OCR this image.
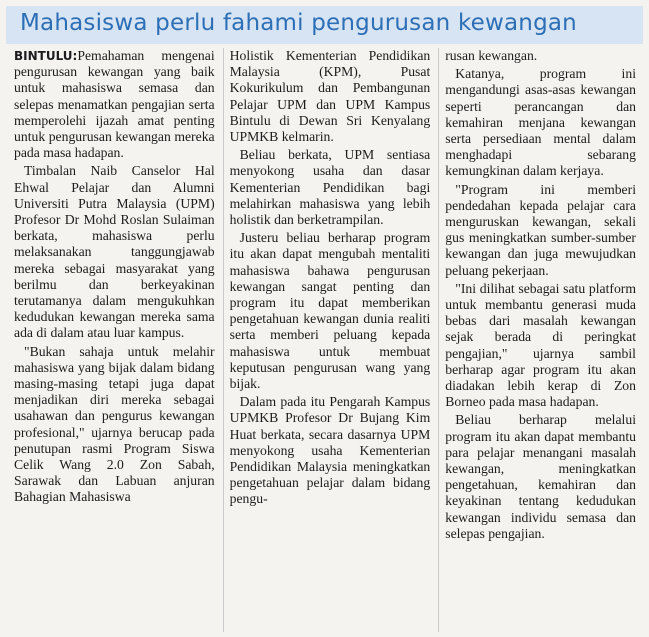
Mahasiswa perlu fahami pengurusan kewangan

BINTULU:Pemahaman mengenai pengurusan kewangan yang baik untuk mahasiswa semasa dan selepas menamatkan pengajian serta memperolehi ijazah amat penting untuk pengurusan kewangan mereka pada masa hadapan.

Timbalan Naib Canselor Hal Ehwal Pelajar dan Alumni Universiti Putra Malaysia (UPM) Profesor Dr Mohd Roslan Sulaiman berkata, mahasiswa perlu melaksanakan tanggungjawab mereka sebagai masyarakat yang berilmu dan berkeyakinan terutamanya dalam mengukuhkan kedudukan kewangan mereka sama ada di dalam atau luar kampus.

"Bukan sahaja untuk melahir mahasiswa yang bijak dalam bidang masing-masing tetapi juga dapat menjadikan diri mereka sebagai usahawan dan pengurus kewangan profesional," ujarnya berucap pada penutupan rasmi Program Siswa Celik Wang 2.0 Zon Sabah, Sarawak dan Labuan anjuran Bahagian Mahasiswa

Holistik Kementerian Pendidikan Malaysia (KPM), Pusat Kokurikulum dan Pembangunan Pelajar UPM dan UPM Kampus Bintulu di Dewan Sri Kenyalang UPMKB kelmarin.

Beliau berkata, UPM sentiasa menyokong usaha dan dasar Kementerian Pendidikan bagi melahirkan mahasiswa yang lebih holistik dan berketrampilan.

Justeru beliau berharap program itu akan dapat mengubah mentaliti mahasiswa bahawa pengurusan kewangan sangat penting dan program itu dapat memberikan pengetahuan kewangan dunia realiti serta memberi peluang kepada mahasiswa untuk membuat keputusan pengurusan wang yang bijak.

Dalam pada itu Pengarah Kampus UPMKB Profesor Dr Bujang Kim Huat berkata, secara dasarnya UPM menyokong usaha Kementerian Pendidikan Malaysia meningkatkan pengetahuan pelajar dalam bidang pengu-

rusan kewangan.

Katanya, program ini mengandungi asas-asas kewangan seperti perancangan dan kemahiran menjana kewangan serta persediaan mental dalam menghadapi sebarang kemungkinan dalam kerjaya.

"Program ini memberi pendedahan kepada pelajar cara menguruskan kewangan, sekali gus meningkatkan sumber-sumber kewangan dan juga mewujudkan peluang pekerjaan.

"Ini dilihat sebagai satu platform untuk membantu generasi muda bebas dari masalah kewangan sejak berada di peringkat pengajian," ujarnya sambil berharap agar program itu akan diadakan lebih kerap di Zon Borneo pada masa hadapan.

Beliau berharap melalui program itu akan dapat membantu para pelajar menangani masalah kewangan, meningkatkan pengetahuan, kemahiran dan keyakinan tentang kedudukan kewangan individu semasa dan selepas pengajian.
